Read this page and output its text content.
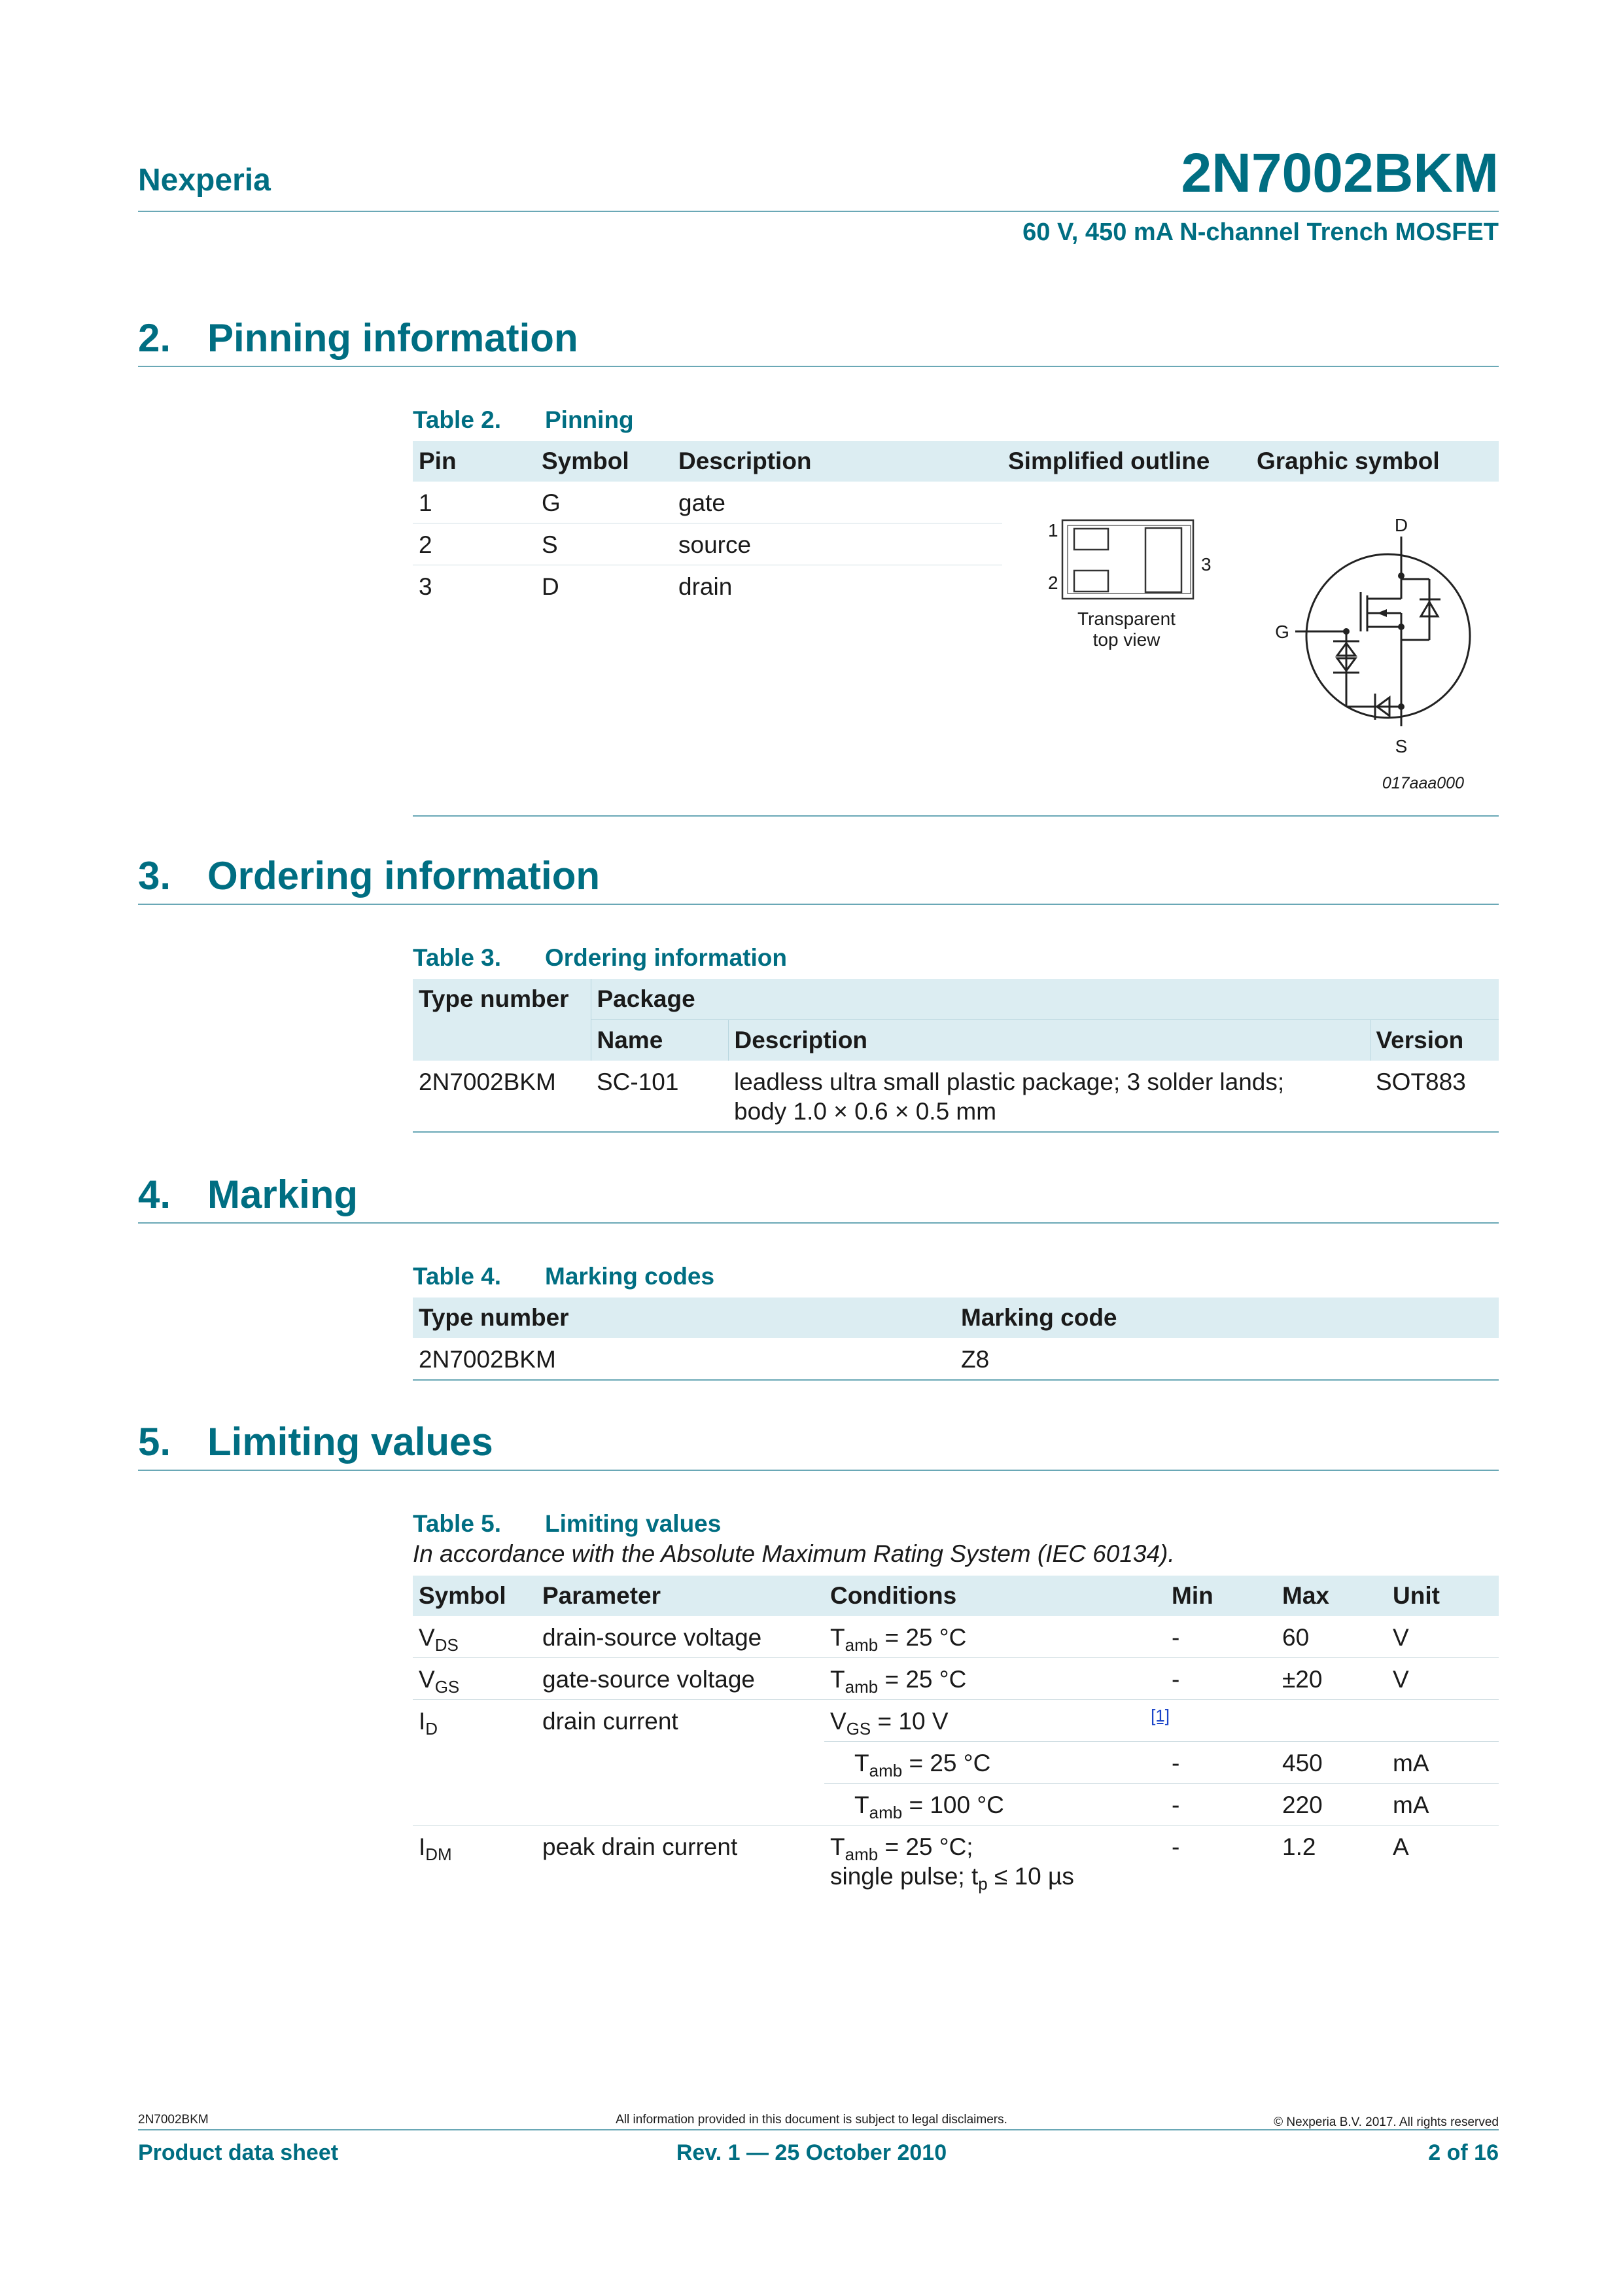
Nexperia	2N7002BKM
60 V, 450 mA N-channel Trench MOSFET
2. Pinning information
Table 2. Pinning
Pin	Symbol	Description	Simplified outline	Graphic symbol
1	G	gate		
2	S	source		
3	D	drain		
1
2
3
Transparent
top view
D
G
S
017aaa000
3. Ordering information
Table 3. Ordering information
Type number	Package		
	Name	Description	Version
2N7002BKM	SC-101	leadless ultra small plastic package; 3 solder lands;
body 1.0 × 0.6 × 0.5 mm	SOT883
4. Marking
Table 4. Marking codes
Type number	Marking code
2N7002BKM	Z8
5. Limiting values
Table 5. Limiting values
In accordance with the Absolute Maximum Rating System (IEC 60134).
Symbol	Parameter	Conditions	Min	Max	Unit
$V_{DS}$	drain-source voltage	$T_{amb} = 25$ °C	-	60	V
$V_{GS}$	gate-source voltage	$T_{amb} = 25$ °C	-	±20	V
$I_D$	drain current	$V_{GS} = 10$ V [1]			

		$T_{amb} = 25$ °C	-	450	mA
		$T_{amb} = 100$ °C	-	220	mA
$I_{DM}$	peak drain current	$T_{amb} = 25$ °C;
single pulse; $t_p \le 10$ µs	-	1.2	A
2N7002BKM	All information provided in this document is subject to legal disclaimers.	© Nexperia B.V. 2017. All rights reserved
Product data sheet	Rev. 1 — 25 October 2010	2 of 16
